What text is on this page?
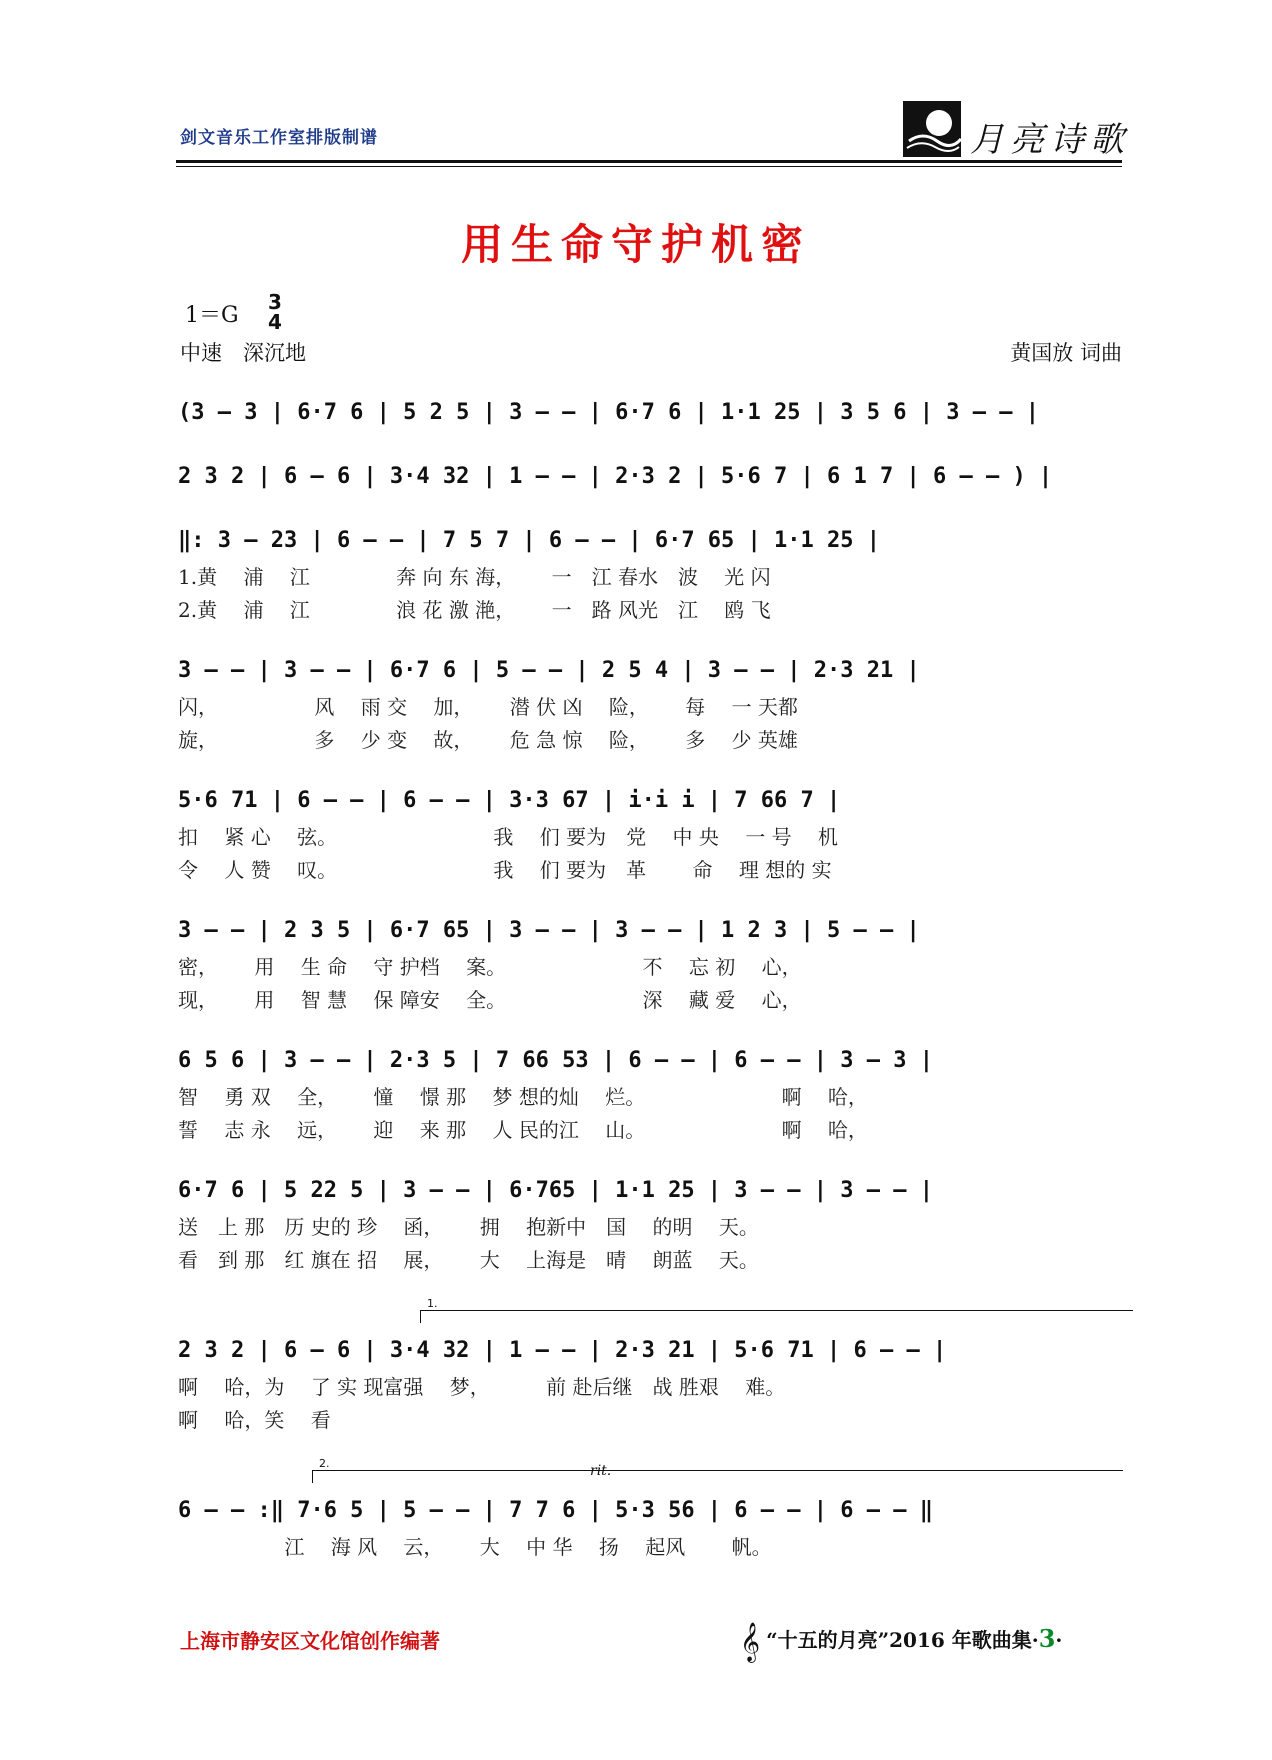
剑文音乐工作室排版制谱	月亮诗歌
用生命守护机密
1＝G
3
4
中速　深沉地	黄国放 词曲
(3 – 3 | 6·7 6 | 5 2 5 | 3 – – | 6·7 6 | 1·1 25 | 3 5 6 | 3 – – |
2 3 2 | 6 – 6 | 3·4 32 | 1 – – | 2·3 2 | 5·6 7 | 6 1 7 | 6 – – ) |
‖: 3 – 23 | 6 – – | 7 5 7 | 6 – – | 6·7 65 | 1·1 25 |
1.黄　 浦　 江　　　　 奔 向 东 海，　　 一　江 春水　波　 光 闪
2.黄　 浦　 江　　　　 浪 花 激 滟，　　 一　路 风光　江　 鸥 飞
3 – – | 3 – – | 6·7 6 | 5 – – | 2 5 4 | 3 – – | 2·3 21 |
闪，　　　　　 风　 雨 交　 加，　　 潜 伏 凶　 险，　　 每　 一 天都
旋，　　　　　 多　 少 变　 故，　　 危 急 惊　 险，　　 多　 少 英雄
5·6 71 | 6 – – | 6 – – | 3·3 67 | i·i i | 7 66 7 |
扣　 紧 心　 弦。　　　　　　　　 我　 们 要为　党　 中 央　 一 号　 机
令　 人 赞　 叹。　　　　　　　　 我　 们 要为　革　　 命　 理 想的 实
3 – – | 2 3 5 | 6·7 65 | 3 – – | 3 – – | 1 2 3 | 5 – – |
密，　　 用　 生 命　 守 护档　 案。　　　　　　　 不　 忘 初　 心，
现，　　 用　 智 慧　 保 障安　 全。　　　　　　　 深　 藏 爱　 心，
6 5 6 | 3 – – | 2·3 5 | 7 66 53 | 6 – – | 6 – – | 3 – 3 |
智　 勇 双　 全，　　 憧　 憬 那　 梦 想的灿　 烂。　　　　　　　 啊　 哈，
誓　 志 永　 远，　　 迎　 来 那　 人 民的江　 山。　　　　　　　 啊　 哈，
6·7 6 | 5 22 5 | 3 – – | 6·765 | 1·1 25 | 3 – – | 3 – – |
送　上 那　历 史的 珍　 函，　　 拥　 抱新中　国　 的明　 天。
看　到 那　红 旗在 招　 展，　　 大　 上海是　晴　 朗蓝　 天。
1.
2 3 2 | 6 – 6 | 3·4 32 | 1 – – | 2·3 21 | 5·6 71 | 6 – – |
啊　 哈，为　 了 实 现富强　 梦，　　　 前 赴后继　战 胜艰　 难。
啊　 哈，笑　 看
2.	rit.
6 – – :‖ 7·6 5 | 5 – – | 7 7 6 | 5·3 56 | 6 – – | 6 – – ‖
　　　　　 江　 海 风　 云，　　 大　 中 华　 扬　 起风　　 帆。
上海市静安区文化馆创作编著	𝄞 “十五的月亮”2016 年歌曲集·3·
